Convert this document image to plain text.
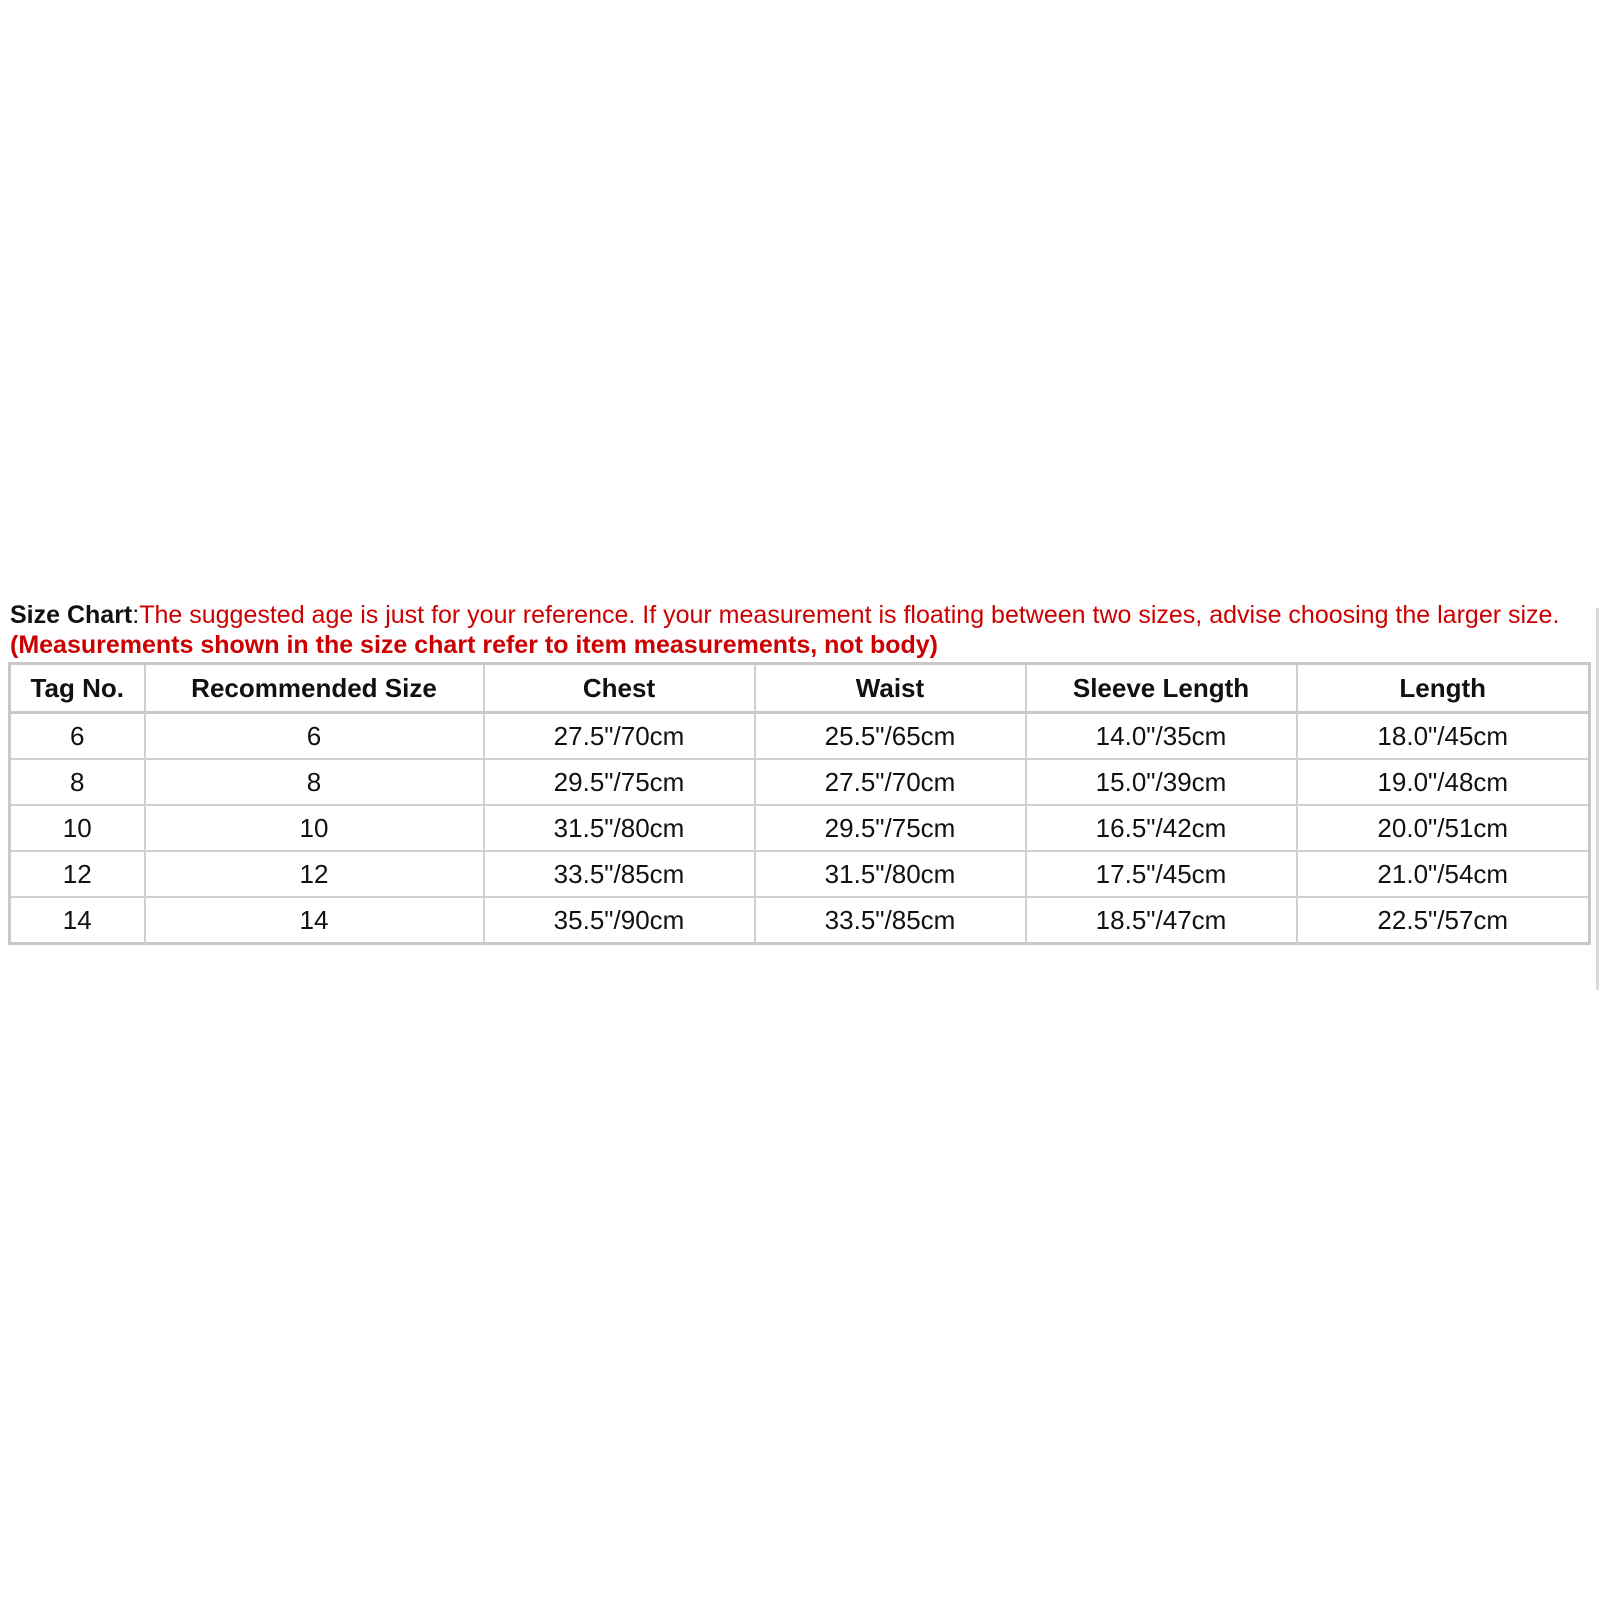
Size Chart:The suggested age is just for your reference. If your measurement is floating between two sizes, advise choosing the larger size. (Measurements shown in the size chart refer to item measurements, not body)
Tag No.	Recommended Size	Chest	Waist	Sleeve Length	Length
6	6	27.5"/70cm	25.5"/65cm	14.0"/35cm	18.0"/45cm
8	8	29.5"/75cm	27.5"/70cm	15.0"/39cm	19.0"/48cm
10	10	31.5"/80cm	29.5"/75cm	16.5"/42cm	20.0"/51cm
12	12	33.5"/85cm	31.5"/80cm	17.5"/45cm	21.0"/54cm
14	14	35.5"/90cm	33.5"/85cm	18.5"/47cm	22.5"/57cm
